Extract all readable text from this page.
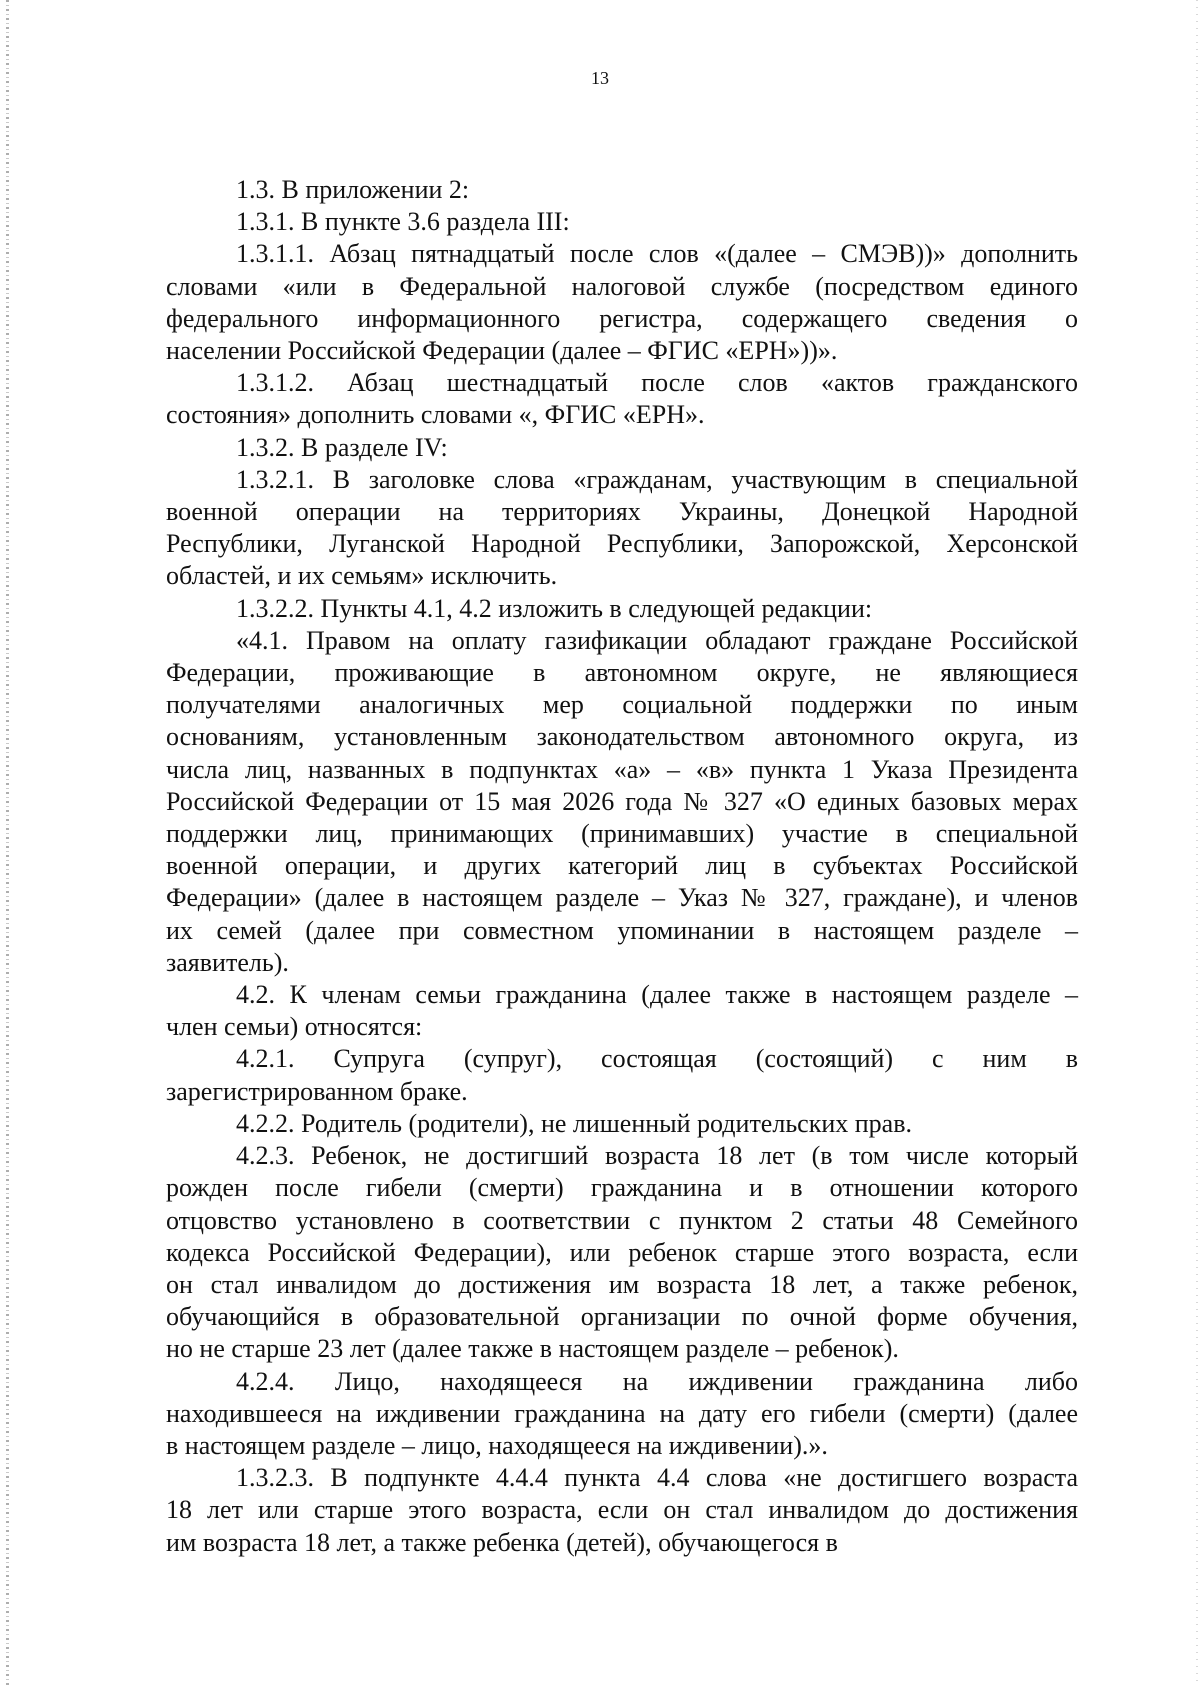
13

1.3. В приложении 2:

1.3.1. В пункте 3.6 раздела III:

1.3.1.1. Абзац пятнадцатый после слов «(далее – СМЭВ))» дополнить
словами «или в Федеральной налоговой службе (посредством единого
федерального информационного регистра, содержащего сведения о
населении Российской Федерации (далее – ФГИС «ЕРН»))».

1.3.1.2. Абзац шестнадцатый после слов «актов гражданского
состояния» дополнить словами «, ФГИС «ЕРН».

1.3.2. В разделе IV:

1.3.2.1. В заголовке слова «гражданам, участвующим в специальной
военной операции на территориях Украины, Донецкой Народной
Республики, Луганской Народной Республики, Запорожской, Херсонской
областей, и их семьям» исключить.

1.3.2.2. Пункты 4.1, 4.2 изложить в следующей редакции:

«4.1. Правом на оплату газификации обладают граждане Российской
Федерации, проживающие в автономном округе, не являющиеся
получателями аналогичных мер социальной поддержки по иным
основаниям, установленным законодательством автономного округа, из
числа лиц, названных в подпунктах «а» – «в» пункта 1 Указа Президента
Российской Федерации от 15 мая 2026 года № 327 «О единых базовых мерах
поддержки лиц, принимающих (принимавших) участие в специальной
военной операции, и других категорий лиц в субъектах Российской
Федерации» (далее в настоящем разделе – Указ № 327, граждане), и членов
их семей (далее при совместном упоминании в настоящем разделе –
заявитель).

4.2. К членам семьи гражданина (далее также в настоящем разделе –
член семьи) относятся:

4.2.1. Супруга (супруг), состоящая (состоящий) с ним в
зарегистрированном браке.

4.2.2. Родитель (родители), не лишенный родительских прав.

4.2.3. Ребенок, не достигший возраста 18 лет (в том числе который
рожден после гибели (смерти) гражданина и в отношении которого
отцовство установлено в соответствии с пунктом 2 статьи 48 Семейного
кодекса Российской Федерации), или ребенок старше этого возраста, если
он стал инвалидом до достижения им возраста 18 лет, а также ребенок,
обучающийся в образовательной организации по очной форме обучения,
но не старше 23 лет (далее также в настоящем разделе – ребенок).

4.2.4. Лицо, находящееся на иждивении гражданина либо
находившееся на иждивении гражданина на дату его гибели (смерти) (далее
в настоящем разделе – лицо, находящееся на иждивении).».

1.3.2.3. В подпункте 4.4.4 пункта 4.4 слова «не достигшего возраста
18 лет или старше этого возраста, если он стал инвалидом до достижения
им возраста 18 лет, а также ребенка (детей), обучающегося в
